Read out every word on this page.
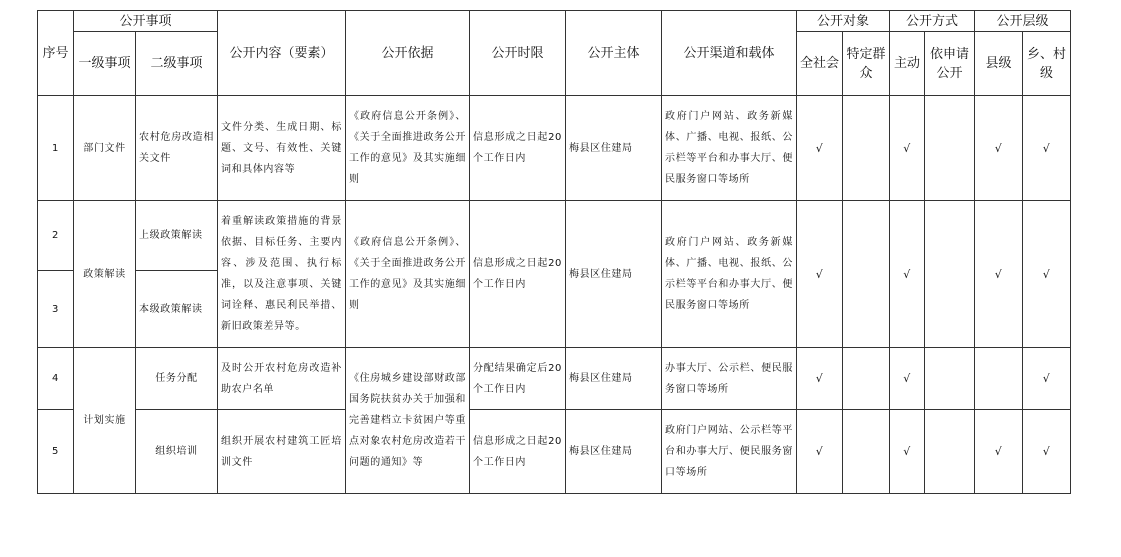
序号	公开事项		公开内容（要素）	公开依据	公开时限	公开主体	公开渠道和载体	公开对象		公开方式		公开层级	
	一级事项	二级事项						全社会	特定群众	主动	依申请公开	县级	乡、村级
1	部门文件	农村危房改造相关文件	文件分类、生成日期、标题、文号、有效性、关键词和具体内容等	《政府信息公开条例》、《关于全面推进政务公开工作的意见》及其实施细则	信息形成之日起20个工作日内	梅县区住建局	政府门户网站、政务新媒体、广播、电视、报纸、公示栏等平台和办事大厅、便民服务窗口等场所	√		√		√	√
2	政策解读	上级政策解读	着重解读政策措施的背景依据、目标任务、主要内容、涉及范围、执行标准，以及注意事项、关键词诠释、惠民利民举措、新旧政策差异等。	《政府信息公开条例》、《关于全面推进政务公开工作的意见》及其实施细则	信息形成之日起20个工作日内	梅县区住建局	政府门户网站、政务新媒体、广播、电视、报纸、公示栏等平台和办事大厅、便民服务窗口等场所	√		√		√	√
3		本级政策解读											
4	计划实施	任务分配	及时公开农村危房改造补助农户名单	《住房城乡建设部财政部 国务院扶贫办关于加强和完善建档立卡贫困户等重点对象农村危房改造若干问题的通知》等	分配结果确定后20个工作日内	梅县区住建局	办事大厅、公示栏、便民服务窗口等场所	√		√			√
5		组织培训	组织开展农村建筑工匠培训文件		信息形成之日起20个工作日内	梅县区住建局	政府门户网站、公示栏等平台和办事大厅、便民服务窗口等场所	√		√		√	√
